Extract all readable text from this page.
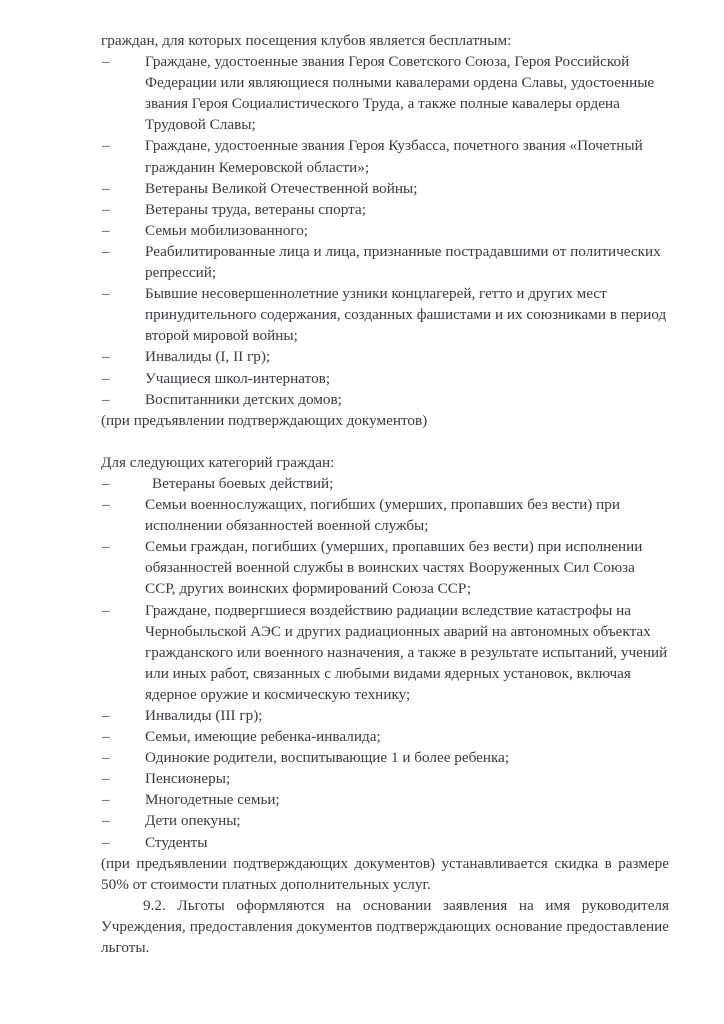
граждан, для которых посещения клубов является бесплатным:

–	Граждане, удостоенные звания Героя Советского Союза, Героя Российской Федерации или являющиеся полными кавалерами ордена Славы, удостоенные звания Героя Социалистического Труда, а также полные кавалеры ордена Трудовой Славы;

–	Граждане, удостоенные звания Героя Кузбасса, почетного звания «Почетный гражданин Кемеровской области»;

–	Ветераны Великой Отечественной войны;

–	Ветераны труда, ветераны спорта;

–	Семьи мобилизованного;

–	Реабилитированные лица и лица, признанные пострадавшими от политических репрессий;

–	Бывшие несовершеннолетние узники концлагерей, гетто и других мест принудительного содержания, созданных фашистами и их союзниками в период второй мировой войны;

–	Инвалиды (I, II гр);

–	Учащиеся школ-интернатов;

–	Воспитанники детских домов;

(при предъявлении подтверждающих документов)

Для следующих категорий граждан:

–	Ветераны боевых действий;

–	Семьи военнослужащих, погибших (умерших, пропавших без вести) при исполнении обязанностей военной службы;

–	Семьи граждан, погибших (умерших, пропавших без вести) при исполнении обязанностей военной службы в воинских частях Вооруженных Сил Союза ССР, других воинских формирований Союза ССР;

–	Граждане, подвергшиеся воздействию радиации вследствие катастрофы на Чернобыльской АЭС и других радиационных аварий на автономных объектах гражданского или военного назначения, а также в результате испытаний, учений или иных работ, связанных с любыми видами ядерных установок, включая ядерное оружие и космическую технику;

–	Инвалиды (III гр);

–	Семьи, имеющие ребенка-инвалида;

–	Одинокие родители, воспитывающие 1 и более ребенка;

–	Пенсионеры;

–	Многодетные семьи;

–	Дети опекуны;

–	Студенты

(при предъявлении подтверждающих документов) устанавливается скидка в размере 50% от стоимости платных дополнительных услуг.

9.2. Льготы оформляются на основании заявления на имя руководителя Учреждения, предоставления документов подтверждающих основание предоставление льготы.
